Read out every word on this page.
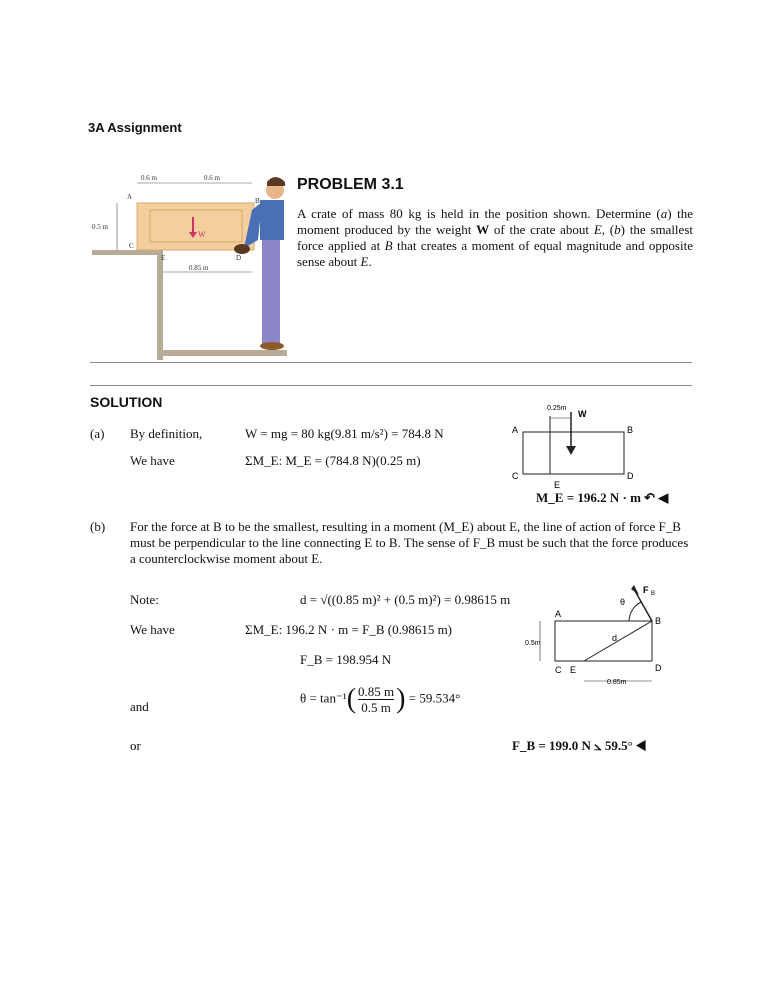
3A Assignment
W
0.6 m	0.6 m
A	B
C
E	D
0.5 m
0.85 m
PROBLEM 3.1
A crate of mass 80 kg is held in the position shown. Determine (a) the moment produced by the weight W of the crate about E, (b) the smallest force applied at B that creates a moment of equal magnitude and opposite sense about E.
SOLUTION
(a) By definition,	W = mg = 80 kg(9.81 m/s²) = 784.8 N
We have	ΣM_E: M_E = (784.8 N)(0.25 m)
M_E = 196.2 N · m ↶ ◀
0.25m
W
A	B
C	D
E
(b) For the force at B to be the smallest, resulting in a moment (M_E) about E, the line of action of force F_B must be perpendicular to the line connecting E to B. The sense of F_B must be such that the force produces a counterclockwise moment about E.
Note:	d = √((0.85 m)² + (0.5 m)²) = 0.98615 m
We have	ΣM_E: 196.2 N · m = F_B (0.98615 m)
F_B = 198.954 N
and
$\theta = \tan^{-1}( \frac{0.85 m}{0.5 m}$ ) = 59.534°
or	F_B = 199.0 N ⦣ 59.5° ◀
A
B
C E	D
d
θ
F B
0.5m
0.85m
